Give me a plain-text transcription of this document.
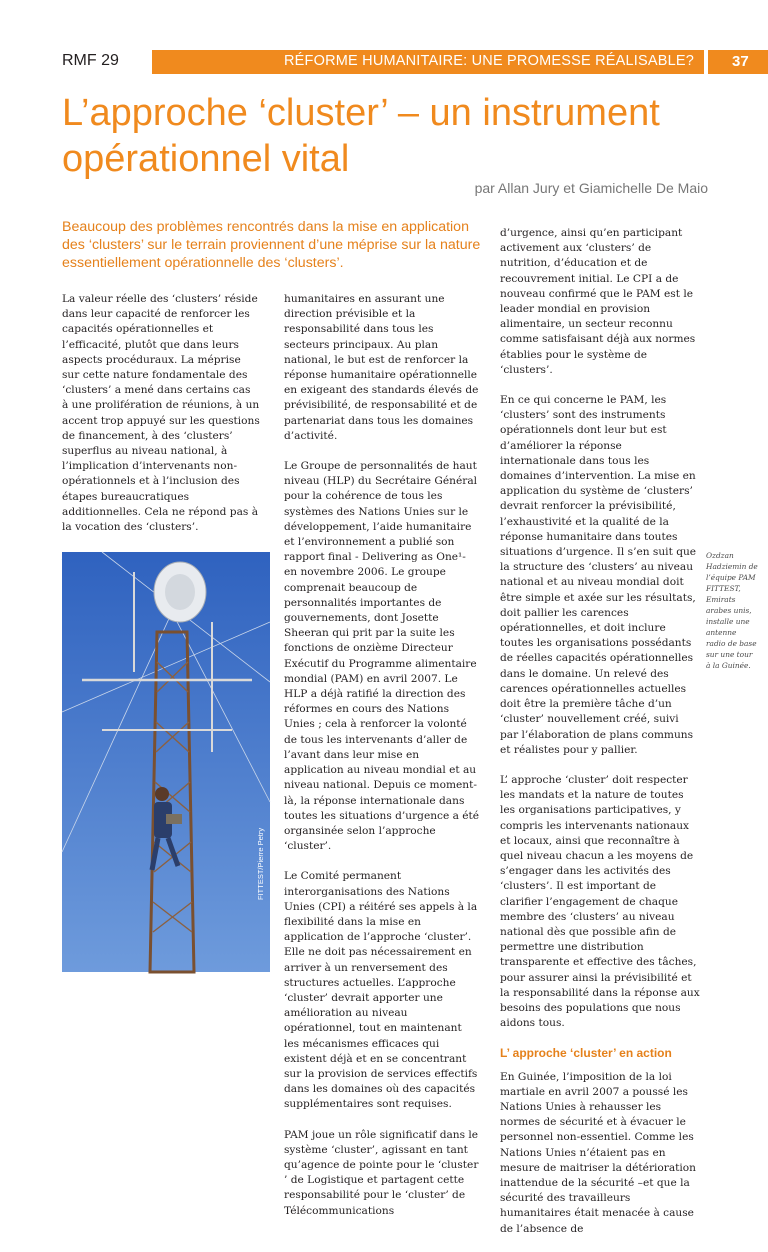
RMF 29	RÉFORME HUMANITAIRE: UNE PROMESSE RÉALISABLE?	37
L’approche ‘cluster’ – un instrument opérationnel vital
par Allan Jury et Giamichelle De Maio
Beaucoup des problèmes rencontrés dans la mise en application des ‘clusters’ sur le terrain proviennent d’une méprise sur la nature essentiellement opérationnelle des ‘clusters’.

La valeur réelle des ‘clusters’ réside dans leur capacité de renforcer les capacités opérationnelles et l’efficacité, plutôt que dans leurs aspects procéduraux. La méprise sur cette nature fondamentale des ‘clusters’ a mené dans certains cas à une prolifération de réunions, à un accent trop appuyé sur les questions de financement, à des ‘clusters’ superflus au niveau national, à l’implication d’intervenants non-opérationnels et à l’inclusion des étapes bureaucratiques additionnelles. Cela ne répond pas à la vocation des ‘clusters’.

FITTEST/Pierre Petry

humanitaires en assurant une direction prévisible et la responsabilité dans tous les secteurs principaux. Au plan national, le but est de renforcer la réponse humanitaire opérationnelle en exigeant des standards élevés de prévisibilité, de responsabilité et de partenariat dans tous les domaines d’activité.

Le Groupe de personnalités de haut niveau (HLP) du Secrétaire Général pour la cohérence de tous les systèmes des Nations Unies sur le développement, l’aide humanitaire et l’environnement a publié son rapport final - Delivering as One¹- en novembre 2006. Le groupe comprenait beaucoup de personnalités importantes de gouvernements, dont Josette Sheeran qui prit par la suite les fonctions de onzième Directeur Exécutif du Programme alimentaire mondial (PAM) en avril 2007. Le HLP a déjà ratifié la direction des réformes en cours des Nations Unies ; cela à renforcer la volonté de tous les intervenants d’aller de l’avant dans leur mise en application au niveau mondial et au niveau national. Depuis ce moment-là, la réponse internationale dans toutes les situations d’urgence a été organsinée selon l’approche ‘cluster’.

Le Comité permanent interorganisations des Nations Unies (CPI) a réitéré ses appels à la flexibilité dans la mise en application de l’approche ‘cluster’. Elle ne doit pas nécessairement en arriver à un renversement des structures actuelles. L’approche ‘cluster’ devrait apporter une amélioration au niveau opérationnel, tout en maintenant les mécanismes efficaces qui existent déjà et en se concentrant sur la provision de services effectifs dans les domaines où des capacités supplémentaires sont requises.

PAM joue un rôle significatif dans le système ‘cluster’, agissant en tant qu’agence de pointe pour le ‘cluster ’ de Logistique et partagent cette responsabilité pour le ‘cluster’ de Télécommunications

d’urgence, ainsi qu’en participant activement aux ‘clusters’ de nutrition, d’éducation et de recouvrement initial. Le CPI a de nouveau confirmé que le PAM est le leader mondial en provision alimentaire, un secteur reconnu comme satisfaisant déjà aux normes établies pour le système de ‘clusters’.

En ce qui concerne le PAM, les ‘clusters’ sont des instruments opérationnels dont leur but est d’améliorer la réponse internationale dans tous les domaines d’intervention. La mise en application du système de ‘clusters’ devrait renforcer la prévisibilité, l’exhaustivité et la qualité de la réponse humanitaire dans toutes situations d’urgence. Il s’en suit que la structure des ‘clusters’ au niveau national et au niveau mondial doit être simple et axée sur les résultats, doit pallier les carences opérationnelles, et doit inclure toutes les organisations possédants de réelles capacités opérationnelles dans le domaine. Un relevé des carences opérationnelles actuelles doit être la première tâche d’un ‘cluster’ nouvellement créé, suivi par l’élaboration de plans communs et réalistes pour y pallier.

L’ approche ‘cluster’ doit respecter les mandats et la nature de toutes les organisations participatives, y compris les intervenants nationaux et locaux, ainsi que reconnaître à quel niveau chacun a les moyens de s’engager dans les activités des ‘clusters’. Il est important de clarifier l’engagement de chaque membre des ‘clusters’ au niveau national dès que possible afin de permettre une distribution transparente et effective des tâches, pour assurer ainsi la prévisibilité et la responsabilité dans la réponse aux besoins des populations que nous aidons tous.

L’ approche ‘cluster’ en action

En Guinée, l’imposition de la loi martiale en avril 2007 a poussé les Nations Unies à rehausser les normes de sécurité et à évacuer le personnel non-essentiel. Comme les Nations Unies n’étaient pas en mesure de maitriser la détérioration inattendue de la sécurité –et que la sécurité des travailleurs humanitaires était menacée à cause de l’absence de

Ozdzan Hadziemin de l’équipe PAM FITTEST, Emirats arabes unis, installe une antenne radio de base sur une tour à la Guinée.
